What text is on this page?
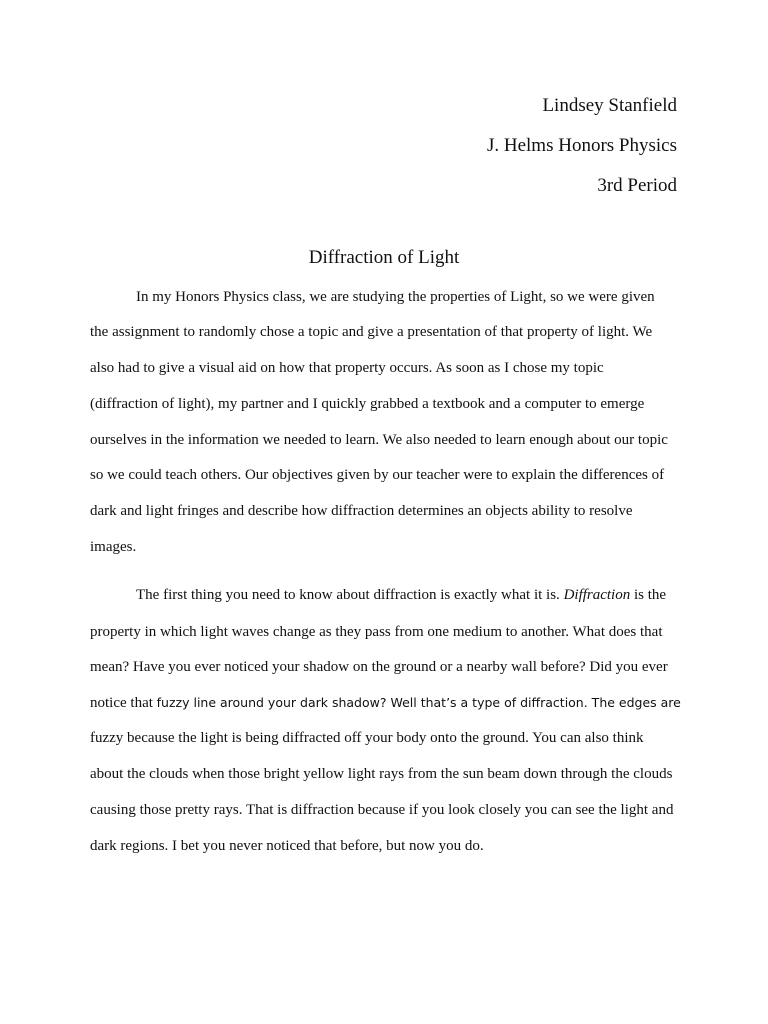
Lindsey Stanfield
J. Helms Honors Physics
3rd Period
Diffraction of Light
In my Honors Physics class, we are studying the properties of Light, so we were given
the assignment to randomly chose a topic and give a presentation of that property of light. We
also had to give a visual aid on how that property occurs. As soon as I chose my topic
(diffraction of light), my partner and I quickly grabbed a textbook and a computer to emerge
ourselves in the information we needed to learn. We also needed to learn enough about our topic
so we could teach others. Our objectives given by our teacher were to explain the differences of
dark and light fringes and describe how diffraction determines an objects ability to resolve
images.
The first thing you need to know about diffraction is exactly what it is. Diffraction is the
property in which light waves change as they pass from one medium to another. What does that
mean? Have you ever noticed your shadow on the ground or a nearby wall before? Did you ever
notice that fuzzy line around your dark shadow? Well that’s a type of diffraction. The edges are
fuzzy because the light is being diffracted off your body onto the ground. You can also think
about the clouds when those bright yellow light rays from the sun beam down through the clouds
causing those pretty rays. That is diffraction because if you look closely you can see the light and
dark regions. I bet you never noticed that before, but now you do.
